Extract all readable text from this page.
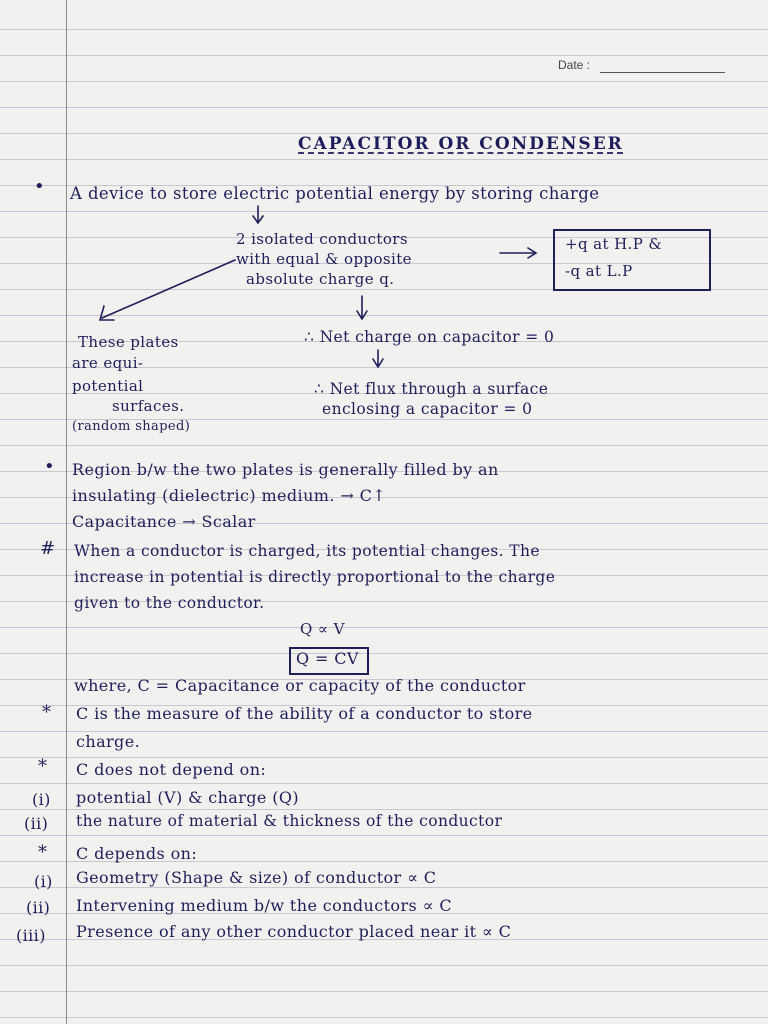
Date :
CAPACITOR OR CONDENSER
• A device to store electric potential energy by storing charge
2 isolated conductors
with equal & opposite
absolute charge q.
+q at H.P &
-q at L.P
These plates
are equi-
potential
surfaces.
(random shaped)
∴ Net charge on capacitor = 0
∴ Net flux through a surface
enclosing a capacitor = 0
• Region b/w the two plates is generally filled by an
insulating (dielectric) medium. → C↑
Capacitance → Scalar
# When a conductor is charged, its potential changes. The
increase in potential is directly proportional to the charge
given to the conductor.
Q ∝ V
Q = CV
where, C = Capacitance or capacity of the conductor
* C is the measure of the ability of a conductor to store
charge.
* C does not depend on:
(i) potential (V) & charge (Q)
(ii) the nature of material & thickness of the conductor
* C depends on:
(i) Geometry (Shape & size) of conductor ∝ C
(ii) Intervening medium b/w the conductors ∝ C
(iii) Presence of any other conductor placed near it ∝ C
